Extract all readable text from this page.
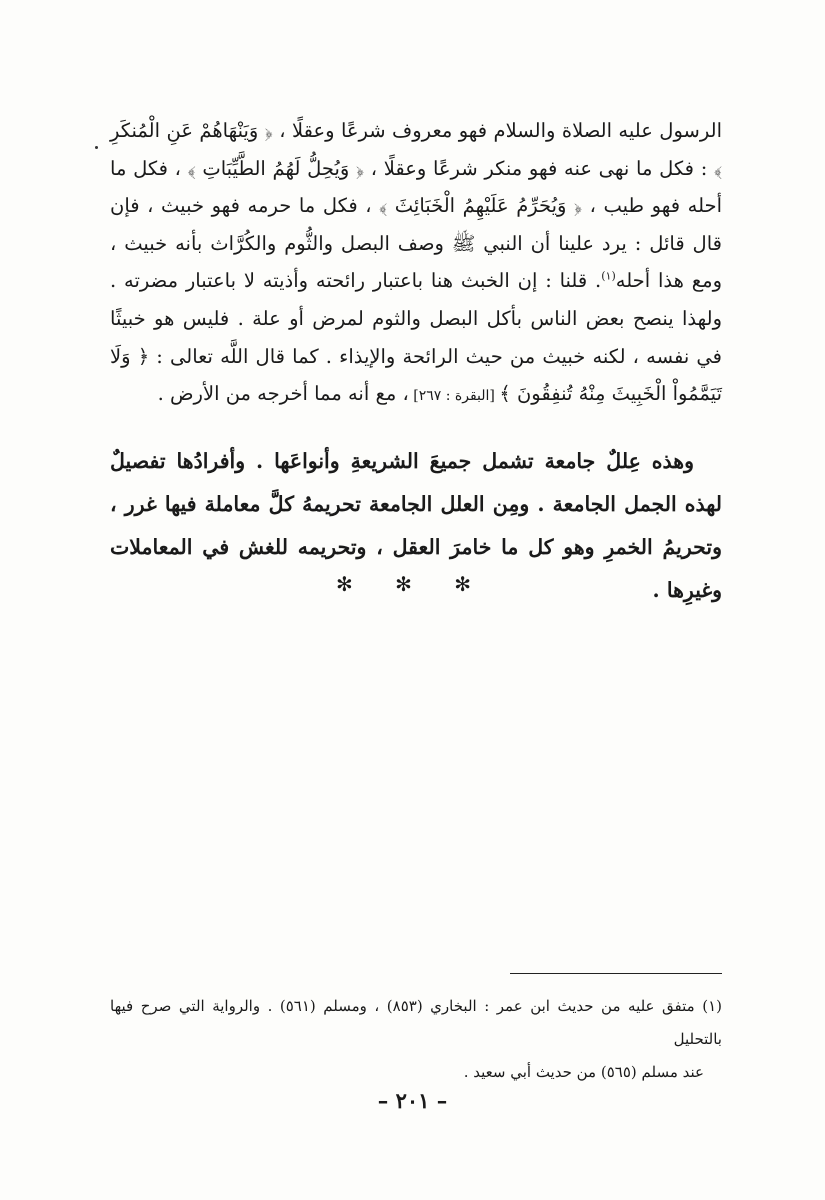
الرسول عليه الصلاة والسلام فهو معروف شرعًا وعقلًا ، ﴿ وَيَنْهَاهُمْ عَنِ الْمُنكَرِ ﴾ : فكل ما نهى عنه فهو منكر شرعًا وعقلًا ، ﴿ وَيُحِلُّ لَهُمُ الطَّيِّبَاتِ ﴾ ، فكل ما أحله فهو طيب ، ﴿ وَيُحَرِّمُ عَلَيْهِمُ الْخَبَائِثَ ﴾ ، فكل ما حرمه فهو خبيث ، فإن قال قائل : يرد علينا أن النبي ﷺ وصف البصل والثُّوم والكُرَّاث بأنه خبيث ، ومع هذا أحله$^{(١)}$. قلنا : إن الخبث هنا باعتبار رائحته وأذيته لا باعتبار مضرته . ولهذا ينصح بعض الناس بأكل البصل والثوم لمرض أو علة . فليس هو خبيثًا في نفسه ، لكنه خبيث من حيث الرائحة والإيذاء . كما قال اللَّه تعالى : ﴿ وَلَا تَيَمَّمُواْ الْخَبِيثَ مِنْهُ تُنفِقُونَ ﴾ [البقرة : ٢٦٧] ، مع أنه مما أخرجه من الأرض .
وهذه عِللٌ جامعة تشمل جميعَ الشريعةِ وأنواعَها . وأفرادُها تفصيلٌ لهذه الجمل الجامعة . ومِن العلل الجامعة تحريمهُ كلَّ معاملة فيها غرر ، وتحريمُ الخمرِ وهو كل ما خامرَ العقل ، وتحريمه للغش في المعاملات وغيرِها .
✻ ✻ ✻
(١) متفق عليه من حديث ابن عمر : البخاري (٨٥٣) ، ومسلم (٥٦١) . والرواية التي صرح فيها بالتحليل
عند مسلم (٥٦٥) من حديث أبي سعيد .
– ٢٠١ –
